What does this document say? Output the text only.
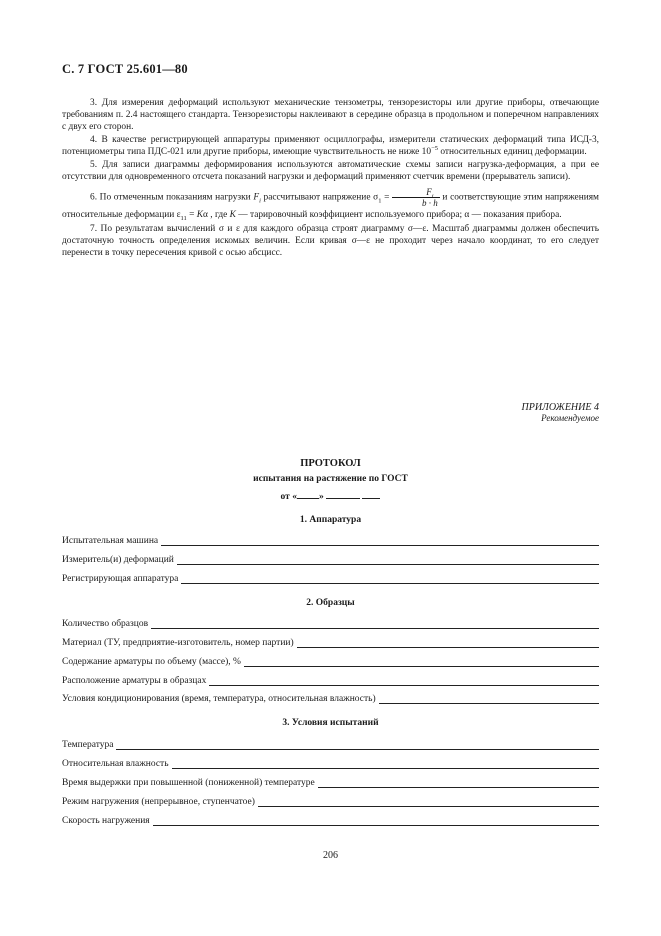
С. 7 ГОСТ 25.601—80

3. Для измерения деформаций используют механические тензометры, тензорезисторы или другие приборы, отвечающие требованиям п. 2.4 настоящего стандарта. Тензорезисторы наклеивают в середине образца в продольном и поперечном направлениях с двух его сторон.

4. В качестве регистрирующей аппаратуры применяют осциллографы, измерители статических деформаций типа ИСД-3, потенциометры типа ПДС-021 или другие приборы, имеющие чувствительность не ниже $10^{-5}$ относительных единиц деформации.

5. Для записи диаграммы деформирования используются автоматические схемы записи нагрузка-деформация, а при ее отсутствии для одновременного отсчета показаний нагрузки и деформаций применяют счетчик времени (прерыватель записи).

6. По отмеченным показаниям нагрузки $F_i$ рассчитывают напряжение $\sigma_1 = \frac{F_i}{b \cdot h}$ и соответствующие этим напряжениям относительные деформации $\varepsilon_{11} = K\alpha$ , где K — тарировочный коэффициент используемого прибора; α — показания прибора.

7. По результатам вычислений σ и ε для каждого образца строят диаграмму σ—ε. Масштаб диаграммы должен обеспечить достаточную точность определения искомых величин. Если кривая σ—ε не проходит через начало координат, то его следует перенести в точку пересечения кривой с осью абсцисс.

ПРИЛОЖЕНИЕ 4
Рекомендуемое
ПРОТОКОЛ
испытания на растяжение по ГОСТ
от « »
1. Аппаратура
Испытательная машина
Измеритель(и) деформаций
Регистрирующая аппаратура
2. Образцы
Количество образцов
Материал (ТУ, предприятие-изготовитель, номер партии)
Содержание арматуры по объему (массе), %
Расположение арматуры в образцах
Условия кондиционирования (время, температура, относительная влажность)
3. Условия испытаний
Температура
Относительная влажность
Время выдержки при повышенной (пониженной) температуре
Режим нагружения (непрерывное, ступенчатое)
Скорость нагружения
206
